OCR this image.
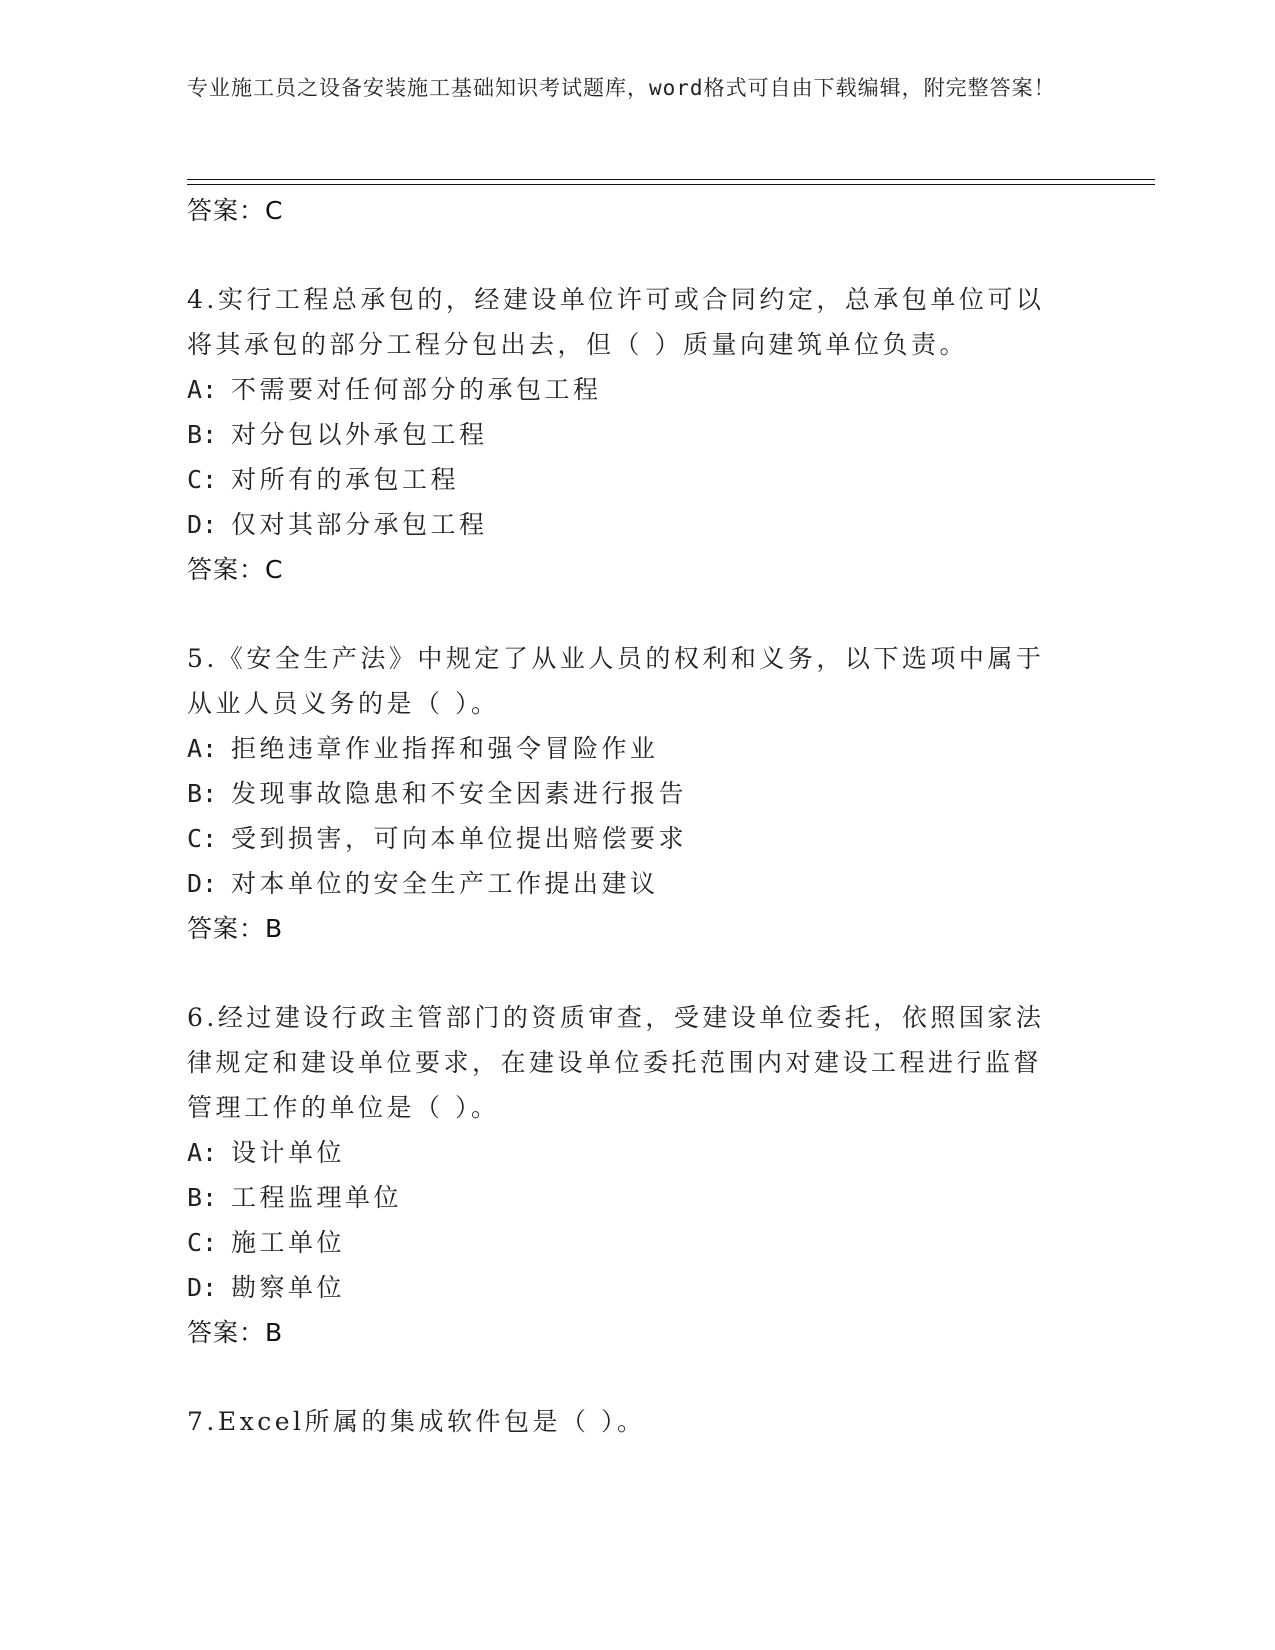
专业施工员之设备安装施工基础知识考试题库，word格式可自由下载编辑，附完整答案！
答案：C
4.实行工程总承包的，经建设单位许可或合同约定，总承包单位可以将其承包的部分工程分包出去，但（ ）质量向建筑单位负责。
A: 不需要对任何部分的承包工程
B: 对分包以外承包工程
C: 对所有的承包工程
D: 仅对其部分承包工程
答案：C
5.《安全生产法》中规定了从业人员的权利和义务，以下选项中属于从业人员义务的是（ ）。
A: 拒绝违章作业指挥和强令冒险作业
B: 发现事故隐患和不安全因素进行报告
C: 受到损害，可向本单位提出赔偿要求
D: 对本单位的安全生产工作提出建议
答案：B
6.经过建设行政主管部门的资质审查，受建设单位委托，依照国家法律规定和建设单位要求，在建设单位委托范围内对建设工程进行监督管理工作的单位是（ ）。
A: 设计单位
B: 工程监理单位
C: 施工单位
D: 勘察单位
答案：B
7.Excel所属的集成软件包是（ ）。
